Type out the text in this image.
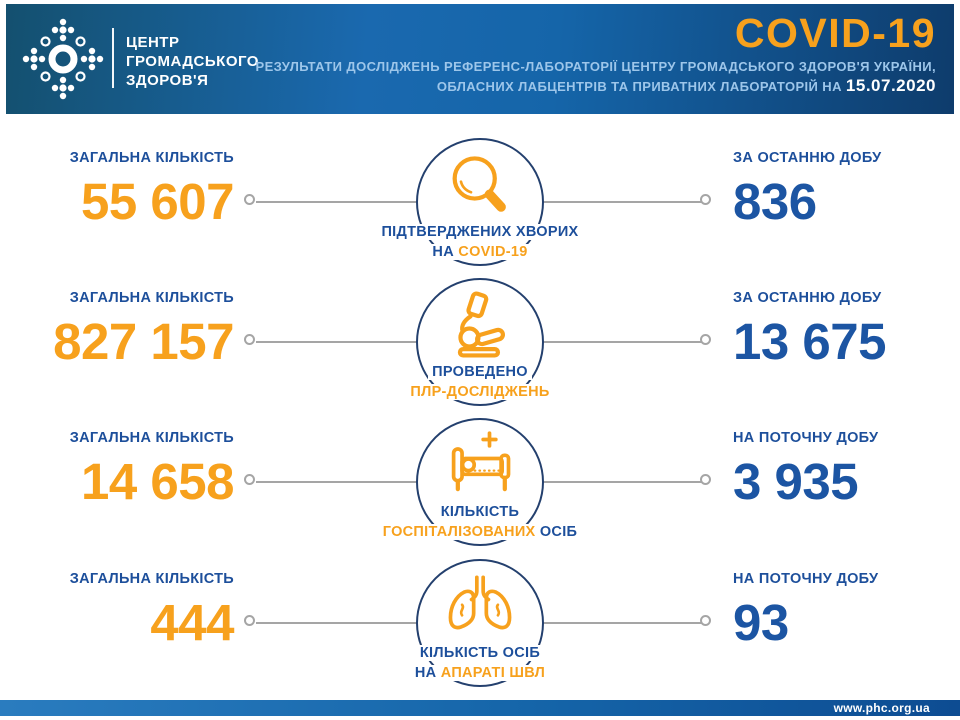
ЦЕНТР
ГРОМАДСЬКОГО
ЗДОРОВ'Я
COVID-19
РЕЗУЛЬТАТИ ДОСЛІДЖЕНЬ РЕФЕРЕНС-ЛАБОРАТОРІЇ ЦЕНТРУ ГРОМАДСЬКОГО ЗДОРОВ'Я УКРАЇНИ,
ОБЛАСНИХ ЛАБЦЕНТРІВ ТА ПРИВАТНИХ ЛАБОРАТОРІЙ НА 15.07.2020
ЗАГАЛЬНА КІЛЬКІСТЬ
55 607
ПІДТВЕРДЖЕНИХ ХВОРИХ
НА COVID-19
ЗА ОСТАННЮ ДОБУ
836
ЗАГАЛЬНА КІЛЬКІСТЬ
827 157
ПРОВЕДЕНО
ПЛР-ДОСЛІДЖЕНЬ
ЗА ОСТАННЮ ДОБУ
13 675
ЗАГАЛЬНА КІЛЬКІСТЬ
14 658
КІЛЬКІСТЬ
ГОСПІТАЛІЗОВАНИХ ОСІБ
НА ПОТОЧНУ ДОБУ
3 935
ЗАГАЛЬНА КІЛЬКІСТЬ
444
КІЛЬКІСТЬ ОСІБ
НА АПАРАТІ ШВЛ
НА ПОТОЧНУ ДОБУ
93
www.phc.org.ua
